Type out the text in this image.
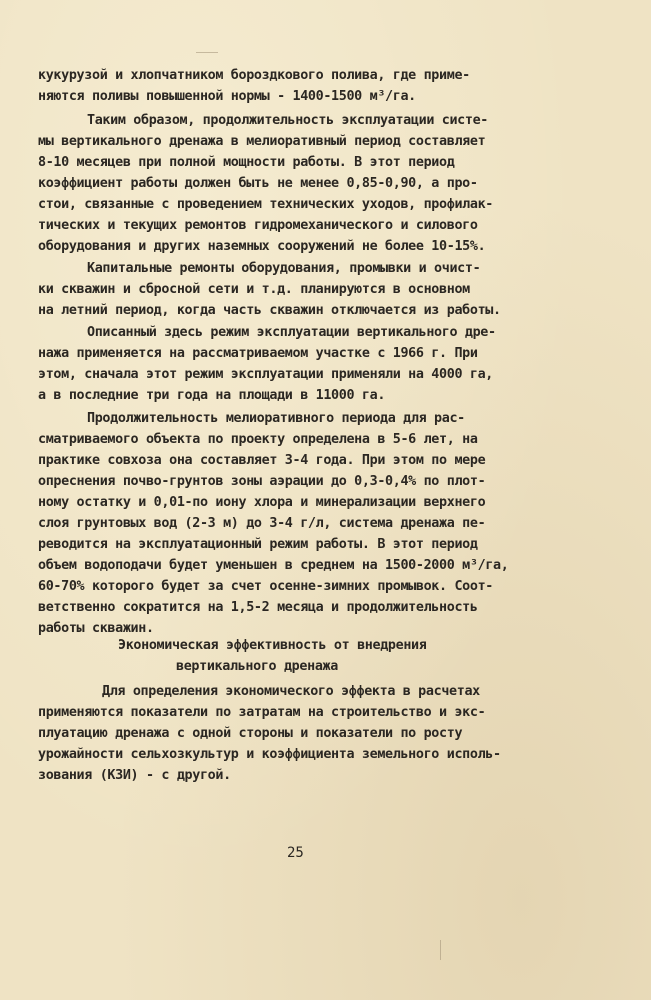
кукурузой и хлопчатником бороздкового полива, где приме-
няются поливы повышенной нормы - 1400-1500 м³/га.
Таким образом, продолжительность эксплуатации систе-
мы вертикального дренажа в мелиоративный период составляет
8-10 месяцев при полной мощности работы. В этот период
коэффициент работы должен быть не менее 0,85-0,90, а про-
стои, связанные с проведением технических уходов, профилак-
тических и текущих ремонтов гидромеханического и силового
оборудования и других наземных сооружений не более 10-15%.
Капитальные ремонты оборудования, промывки и очист-
ки скважин и сбросной сети и т.д. планируются в основном
на летний период, когда часть скважин отключается из работы.
Описанный здесь режим эксплуатации вертикального дре-
нажа применяется на рассматриваемом участке с 1966 г. При
этом, сначала этот режим эксплуатации применяли на 4000 га,
а в последние три года на площади в 11000 га.
Продолжительность мелиоративного периода для рас-
сматриваемого объекта по проекту определена в 5-6 лет, на
практике совхоза она составляет 3-4 года. При этом по мере
опреснения почво-грунтов зоны аэрации до 0,3-0,4% по плот-
ному остатку и 0,01-по иону хлора и минерализации верхнего
слоя грунтовых вод (2-3 м) до 3-4 г/л, система дренажа пе-
реводится на эксплуатационный режим работы. В этот период
объем водоподачи будет уменьшен в среднем на 1500-2000 м³/га,
60-70% которого будет за счет осенне-зимних промывок. Соот-
ветственно сократится на 1,5-2 месяца и продолжительность
работы скважин.
Экономическая эффективность от внедрения
вертикального дренажа
Для определения экономического эффекта в расчетах
применяются показатели по затратам на строительство и экс-
плуатацию дренажа с одной стороны и показатели по росту
урожайности сельхозкультур и коэффициента земельного исполь-
зования (КЗИ) - с другой.
25
